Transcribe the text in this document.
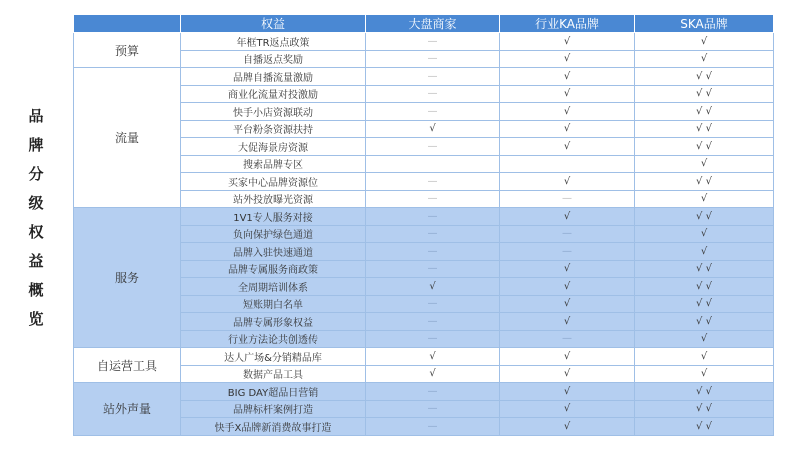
品
牌
分
级
权
益
概
览
	权益	大盘商家	行业KA品牌	SKA品牌
预算	年框TR返点政策	—	√	√
	自播返点奖励	—	√	√
流量	品牌自播流量激励	—	√	√ √
	商业化流量对投激励	—	√	√ √
	快手小店资源联动	—	√	√ √
	平台粉条资源扶持	√	√	√ √
	大促海景房资源	—	√	√ √
	搜索品牌专区			√
	买家中心品牌资源位	—	√	√ √
	站外投放曝光资源	—	—	√
服务	1V1专人服务对接	—	√	√ √
	负向保护绿色通道	—	—	√
	品牌入驻快速通道	—	—	√
	品牌专属服务商政策	—	√	√ √
	全周期培训体系	√	√	√ √
	短账期白名单	—	√	√ √
	品牌专属形象权益	—	√	√ √
	行业方法论共创透传	—	—	√
自运营工具	达人广场&分销精品库	√	√	√
	数据产品工具	√	√	√
站外声量	BIG DAY超品日营销	—	√	√ √
	品牌标杆案例打造	—	√	√ √
	快手X品牌新消费故事打造	—	√	√ √
